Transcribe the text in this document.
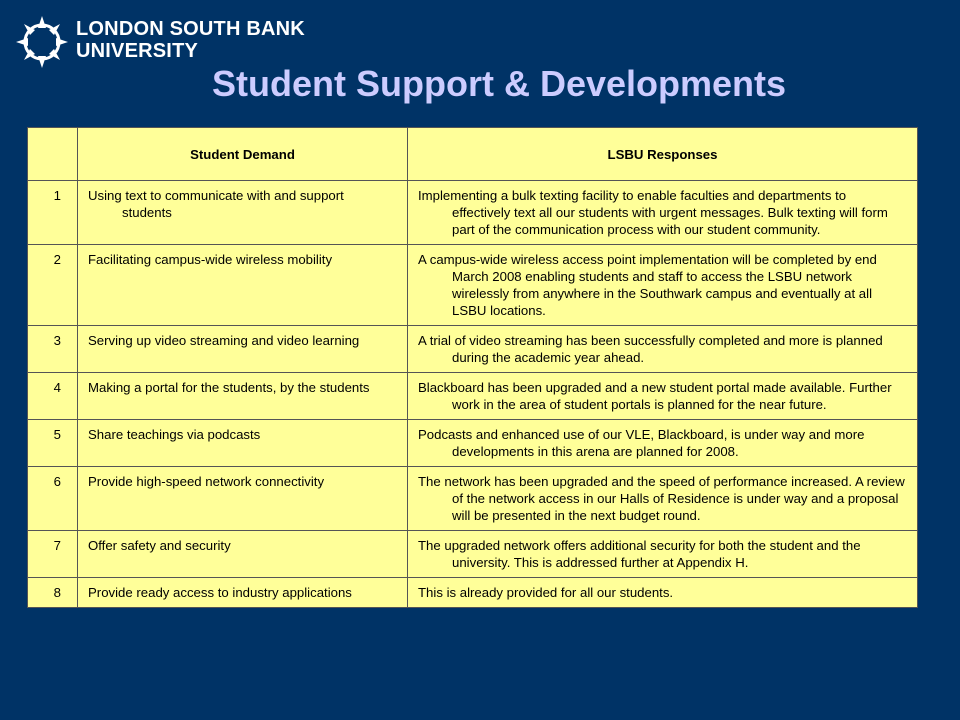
LONDON SOUTH BANK
UNIVERSITY
Student Support & Developments
	Student Demand	LSBU Responses
1	Using text to communicate with and support students	Implementing a bulk texting facility to enable faculties and departments to effectively text all our students with urgent messages. Bulk texting will form part of the communication process with our student community.

2	Facilitating campus-wide wireless mobility	A campus-wide wireless access point implementation will be completed by end March 2008 enabling students and staff to access the LSBU network wirelessly from anywhere in the Southwark campus and eventually at all LSBU locations.

3	Serving up video streaming and video learning	A trial of video streaming has been successfully completed and more is planned during the academic year ahead.

4	Making a portal for the students, by the students	Blackboard has been upgraded and a new student portal made available. Further work in the area of student portals is planned for the near future.

5	Share teachings via podcasts	Podcasts and enhanced use of our VLE, Blackboard, is under way and more developments in this arena are planned for 2008.

6	Provide high-speed network connectivity	The network has been upgraded and the speed of performance increased. A review of the network access in our Halls of Residence is under way and a proposal will be presented in the next budget round.

7	Offer safety and security	The upgraded network offers additional security for both the student and the university. This is addressed further at Appendix H.

8	Provide ready access to industry applications	This is already provided for all our students.
